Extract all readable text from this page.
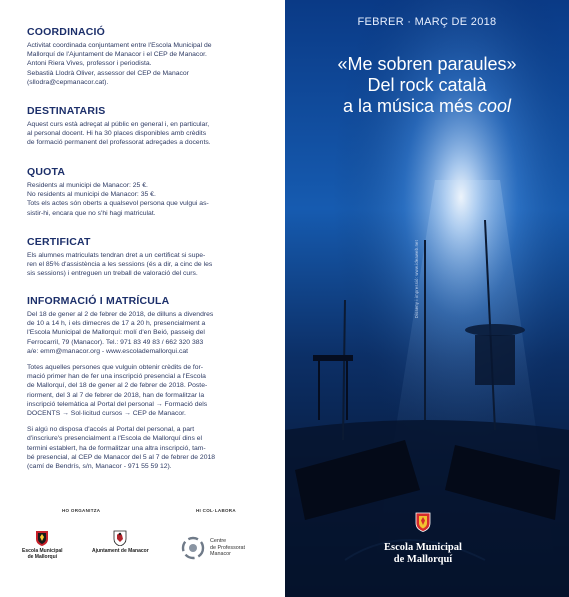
COORDINACIÓ
Activitat coordinada conjuntament entre l'Escola Municipal de
Mallorquí de l'Ajuntament de Manacor i el CEP de Manacor.
Antoni Riera Vives, professor i periodista.
Sebastià Llodrà Oliver, assessor del CEP de Manacor
(sllodra@cepmanacor.cat).
DESTINATARIS
Aquest curs està adreçat al públic en general i, en particular,
al personal docent. Hi ha 30 places disponibles amb crèdits
de formació permanent del professorat adreçades a docents.
QUOTA
Residents al municipi de Manacor: 25 €.
No residents al municipi de Manacor: 35 €.
Tots els actes són oberts a qualsevol persona que vulgui as-
sistir-hi, encara que no s'hi hagi matriculat.
CERTIFICAT
Els alumnes matriculats tendran dret a un certificat si supe-
ren el 85% d'assistència a les sessions (és a dir, a cinc de les
sis sessions) i entreguen un treball de valoració del curs.
INFORMACIÓ I MATRÍCULA
Del 18 de gener al 2 de febrer de 2018, de dilluns a divendres
de 10 a 14 h, i els dimecres de 17 a 20 h, presencialment a
l'Escola Municipal de Mallorquí: molí d'en Beió, passeig del
Ferrocarril, 79 (Manacor). Tel.: 971 83 49 83 / 662 320 383
a/e: emm@manacor.org - www.escolademallorqui.cat
Totes aquelles persones que vulguin obtenir crèdits de for-
mació primer han de fer una inscripció presencial a l'Escola
de Mallorquí, del 18 de gener al 2 de febrer de 2018. Poste-
riorment, del 3 al 7 de febrer de 2018, han de formalitzar la
inscripció telemàtica al Portal del personal → Formació dels
DOCENTS → Sol·licitud cursos → CEP de Manacor.
Si algú no disposa d'accés al Portal del personal, a part
d'inscriure's presencialment a l'Escola de Mallorquí dins el
termini establert, ha de formalitzar una altra inscripció, tam-
bé presencial, al CEP de Manacor del 5 al 7 de febrer de 2018
(camí de Bendrís, s/n, Manacor - 971 55 59 12).
HO ORGANITZA	HI COL·LABORA
Escola Municipal
de Mallorquí
Ajuntament de Manacor
Centre
de Professorat
Manacor
FEBRER · MARÇ DE 2018
«Me sobren paraules»
Del rock català
a la música més cool
Disseny i impressió: www.ideaweb.net
Escola Municipal
de Mallorquí
